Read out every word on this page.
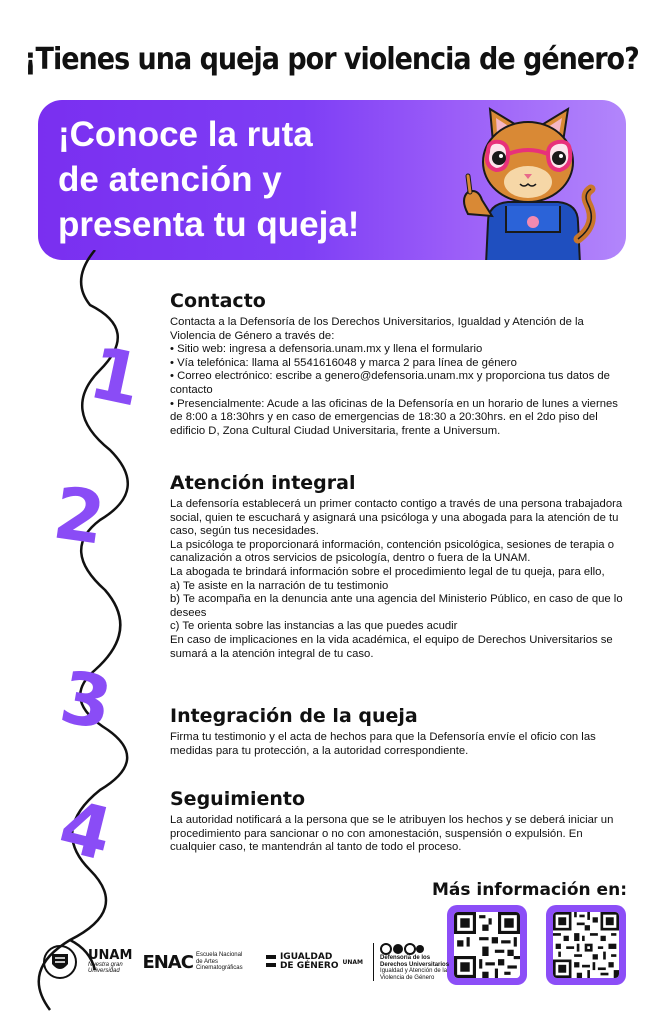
¡Tienes una queja por violencia de género?
¡Conoce la ruta
de atención y
presenta tu queja!
1
2
3
4
Contacto

Contacta a la Defensoría de los Derechos Universitarios, Igualdad y Atención de la Violencia de Género a través de:

• Sitio web: ingresa a defensoria.unam.mx y llena el formulario

• Vía telefónica: llama al 5541616048 y marca 2 para línea de género

• Correo electrónico: escribe a genero@defensoria.unam.mx y proporciona tus datos de contacto

• Presencialmente: Acude a las oficinas de la Defensoría en un horario de lunes a viernes de 8:00 a 18:30hrs y en caso de emergencias de 18:30 a 20:30hrs. en el 2do piso del edificio D, Zona Cultural Ciudad Universitaria, frente a Universum.

Atención integral

La defensoría establecerá un primer contacto contigo a través de una persona trabajadora social, quien te escuchará y asignará una psicóloga y una abogada para la atención de tu caso, según tus necesidades.

La psicóloga te proporcionará información, contención psicológica, sesiones de terapia o canalización a otros servicios de psicología, dentro o fuera de la UNAM.

La abogada te brindará información sobre el procedimiento legal de tu queja, para ello,

a) Te asiste en la narración de tu testimonio

b) Te acompaña en la denuncia ante una agencia del Ministerio Público, en caso de que lo desees

c) Te orienta sobre las instancias a las que puedes acudir

En caso de implicaciones en la vida académica, el equipo de Derechos Universitarios se sumará a la atención integral de tu caso.

Integración de la queja

Firma tu testimonio y el acta de hechos para que la Defensoría envíe el oficio con las medidas para tu protección, a la autoridad correspondiente.

Seguimiento

La autoridad notificará a la persona que se le atribuyen los hechos y se deberá iniciar un procedimiento para sancionar o no con amonestación, suspensión o expulsión. En cualquier caso, te mantendrán al tanto de todo el proceso.

Más información en:
UNAM
Nuestra gran Universidad	ENAC Escuela Nacional de Artes Cinematográficas
IGUALDAD
DE GÉNERO UNAM
Defensoría de los
Derechos Universitarios
Igualdad y Atención de la
Violencia de Género
